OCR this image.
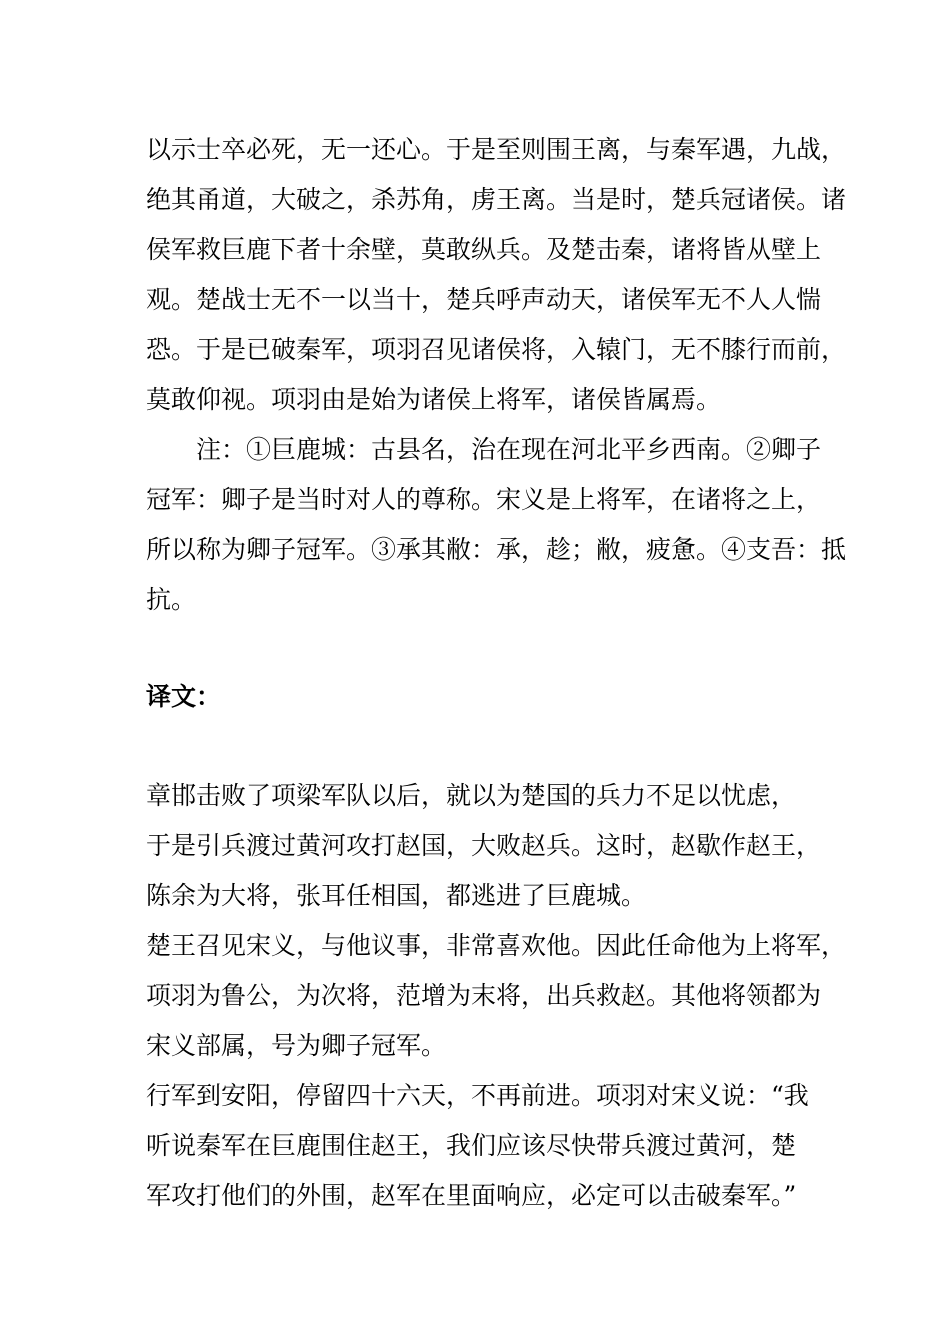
以示士卒必死，无一还心。于是至则围王离，与秦军遇，九战，
绝其甬道，大破之，杀苏角，虏王离。当是时，楚兵冠诸侯。诸
侯军救巨鹿下者十余壁，莫敢纵兵。及楚击秦，诸将皆从壁上
观。楚战士无不一以当十，楚兵呼声动天，诸侯军无不人人惴
恐。于是已破秦军，项羽召见诸侯将，入辕门，无不膝行而前，
莫敢仰视。项羽由是始为诸侯上将军，诸侯皆属焉。
注：①巨鹿城：古县名，治在现在河北平乡西南。②卿子
冠军：卿子是当时对人的尊称。宋义是上将军，在诸将之上，
所以称为卿子冠军。③承其敝：承，趁；敝，疲惫。④支吾：抵
抗。
译文：
章邯击败了项梁军队以后，就以为楚国的兵力不足以忧虑，
于是引兵渡过黄河攻打赵国，大败赵兵。这时，赵歇作赵王，
陈余为大将，张耳任相国，都逃进了巨鹿城。
楚王召见宋义，与他议事，非常喜欢他。因此任命他为上将军，
项羽为鲁公，为次将，范增为末将，出兵救赵。其他将领都为
宋义部属，号为卿子冠军。
行军到安阳，停留四十六天，不再前进。项羽对宋义说：“我
听说秦军在巨鹿围住赵王，我们应该尽快带兵渡过黄河，楚
军攻打他们的外围，赵军在里面响应，必定可以击破秦军。”
